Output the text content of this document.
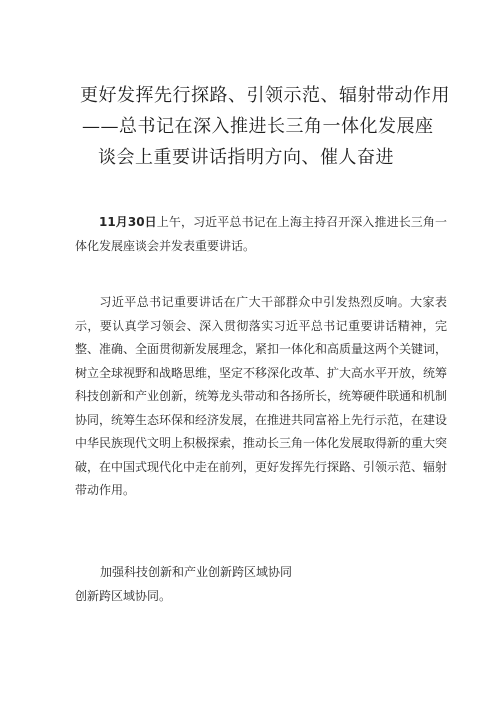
更好发挥先行探路、引领示范、辐射带动作用
——总书记在深入推进长三角一体化发展座
谈会上重要讲话指明方向、催人奋进
11月30日上午，习近平总书记在上海主持召开深入推进长三角一体化发展座谈会并发表重要讲话。
习近平总书记重要讲话在广大干部群众中引发热烈反响。大家表示，要认真学习领会、深入贯彻落实习近平总书记重要讲话精神，完整、准确、全面贯彻新发展理念，紧扣一体化和高质量这两个关键词，树立全球视野和战略思维，坚定不移深化改革、扩大高水平开放，统筹科技创新和产业创新，统筹龙头带动和各扬所长，统筹硬件联通和机制协同，统筹生态环保和经济发展，在推进共同富裕上先行示范，在建设中华民族现代文明上积极探索，推动长三角一体化发展取得新的重大突破，在中国式现代化中走在前列，更好发挥先行探路、引领示范、辐射带动作用。
加强科技创新和产业创新跨区域协同
创新跨区域协同。
